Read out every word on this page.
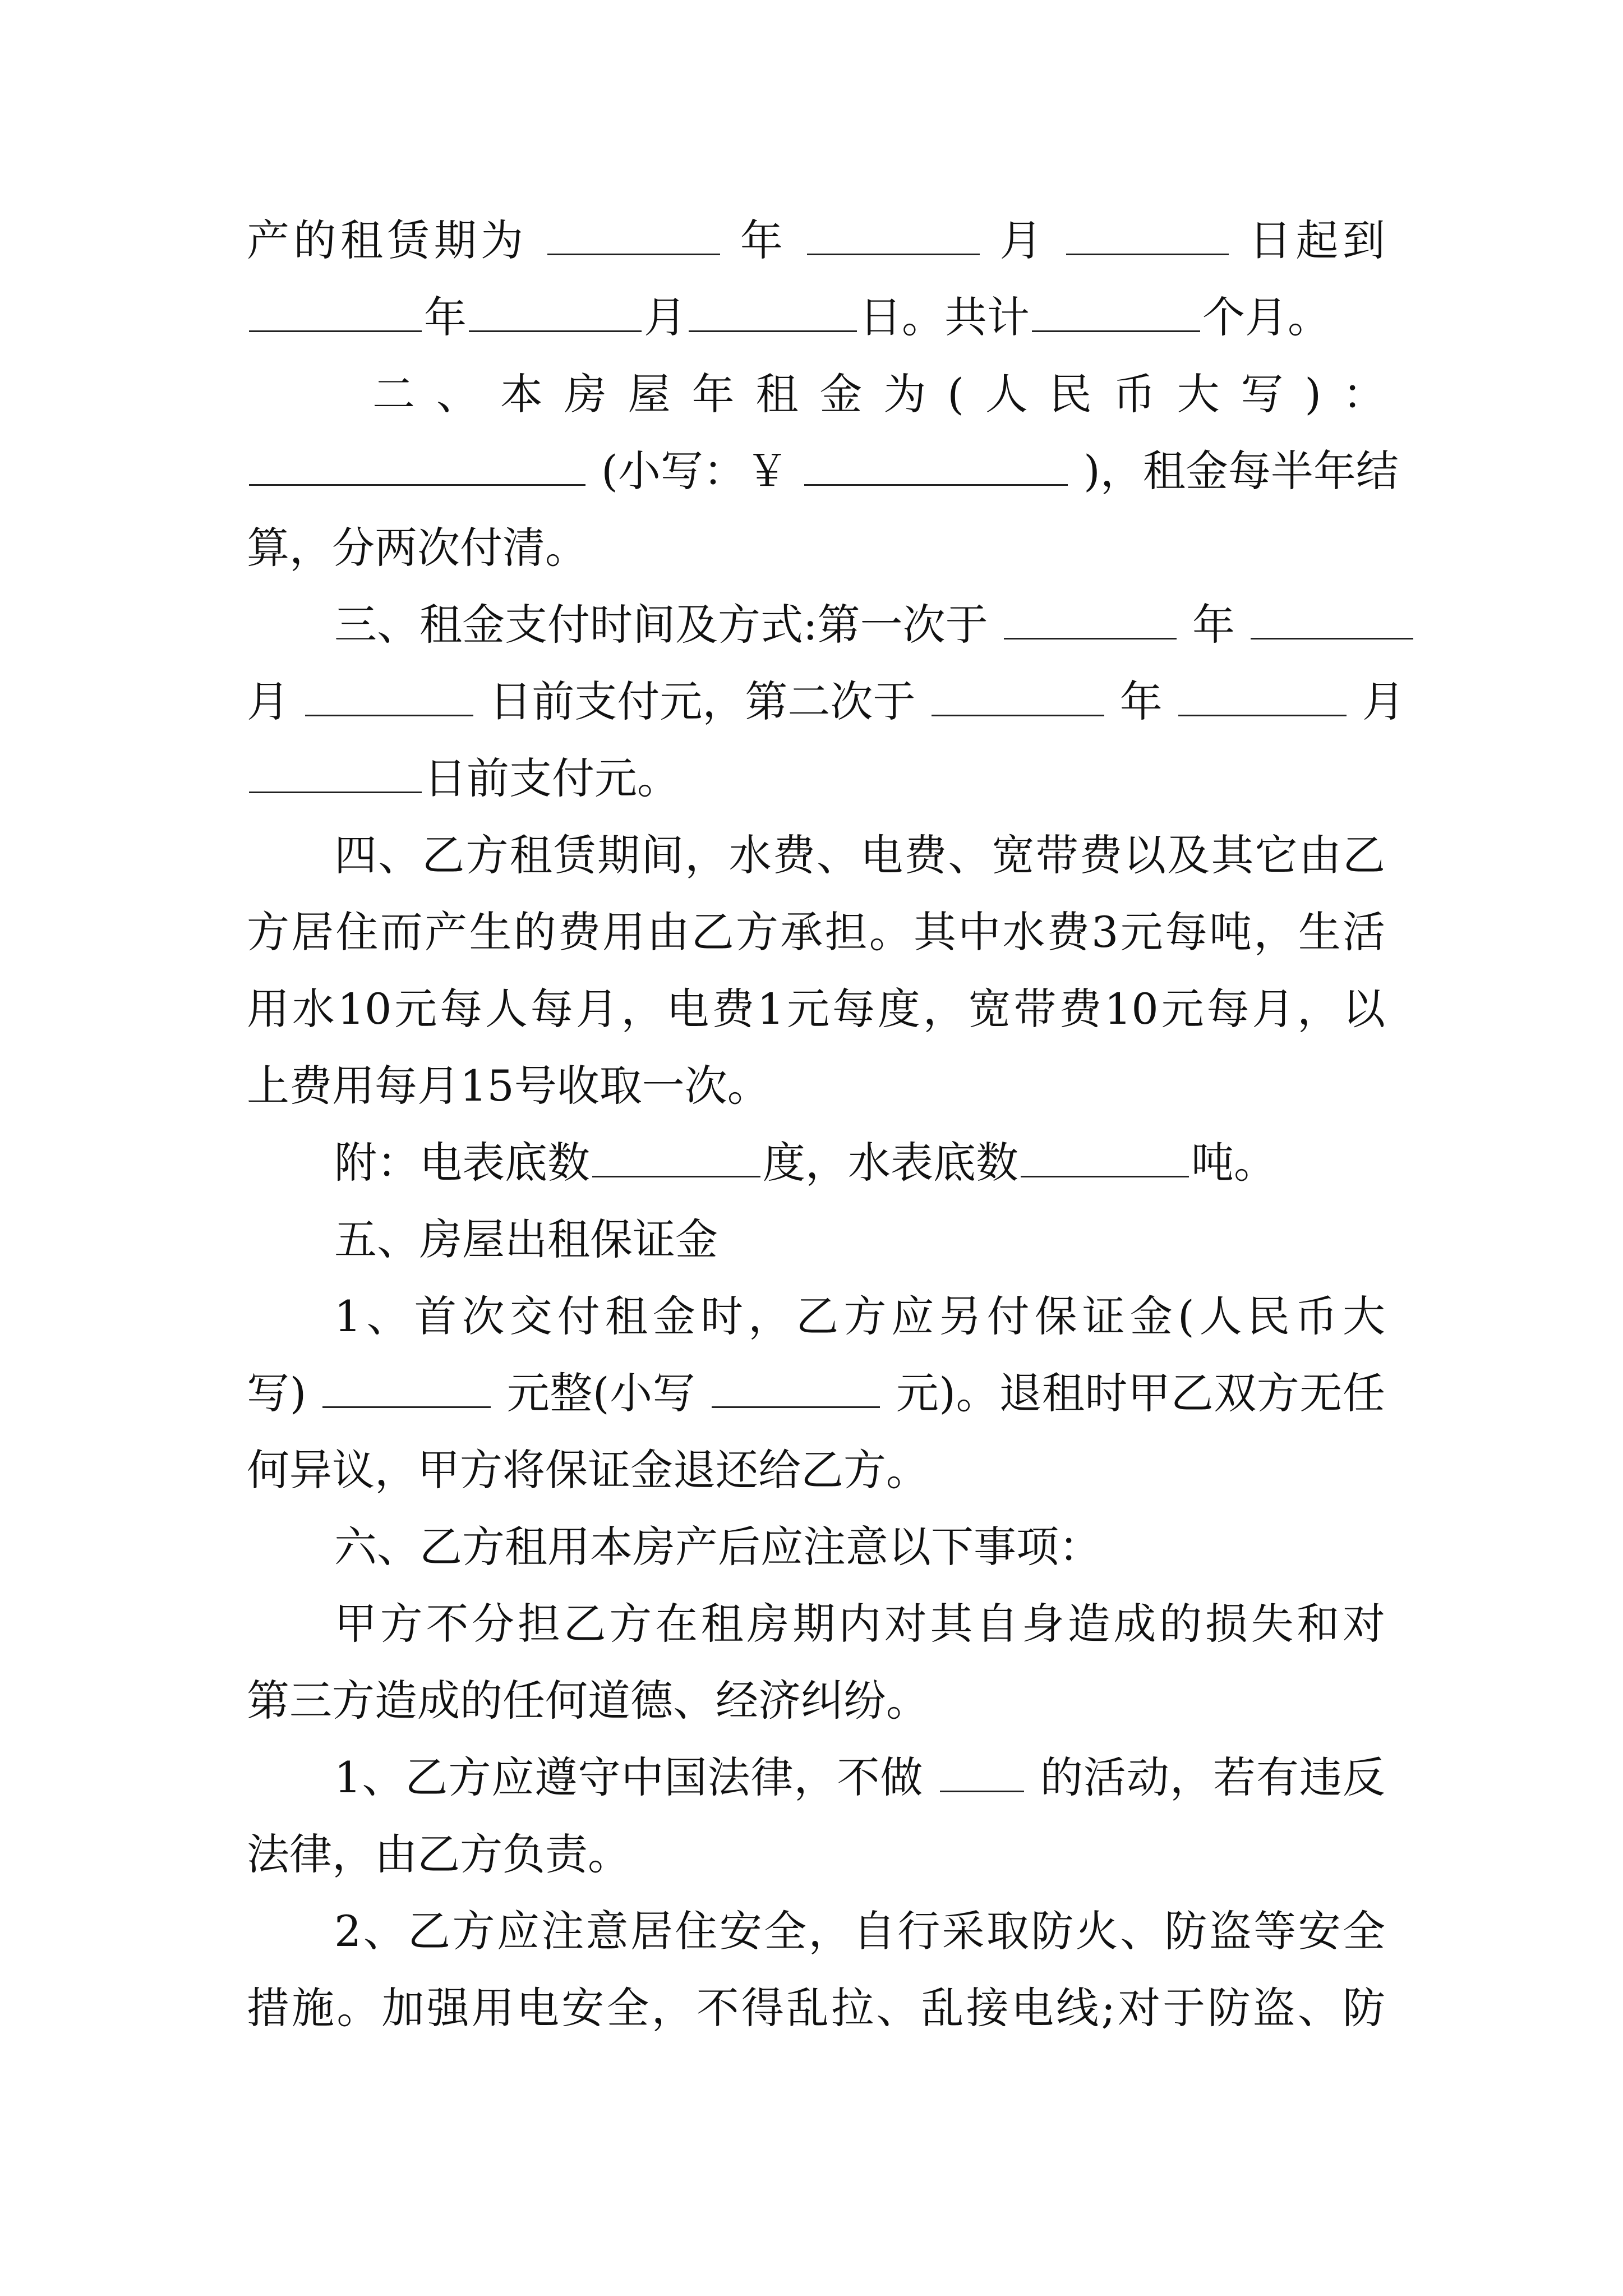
产的租赁期为	年	月	日起到
年	月	日。共计	个月。
二、本房屋年租金为(人民币大写)：
(小写：￥	)，租金每半年结
算，分两次付清。
三、租金支付时间及方式:第一次于	年
月	日前支付元，第二次于	年	月
日前支付元。
四、乙方租赁期间，水费、电费、宽带费以及其它由乙
方居住而产生的费用由乙方承担。其中水费3元每吨，生活
用水10元每人每月，电费1元每度，宽带费10元每月，以
上费用每月15号收取一次。
附：电表底数	度，水表底数	吨。
五、房屋出租保证金
1、首次交付租金时，乙方应另付保证金(人民币大
写)	元整(小写	元)。退租时甲乙双方无任
何异议，甲方将保证金退还给乙方。
六、乙方租用本房产后应注意以下事项：
甲方不分担乙方在租房期内对其自身造成的损失和对
第三方造成的任何道德、经济纠纷。
1、乙方应遵守中国法律，不做	的活动，若有违反
法律，由乙方负责。
2、乙方应注意居住安全，自行采取防火、防盗等安全
措施。加强用电安全，不得乱拉、乱接电线;对于防盗、防
